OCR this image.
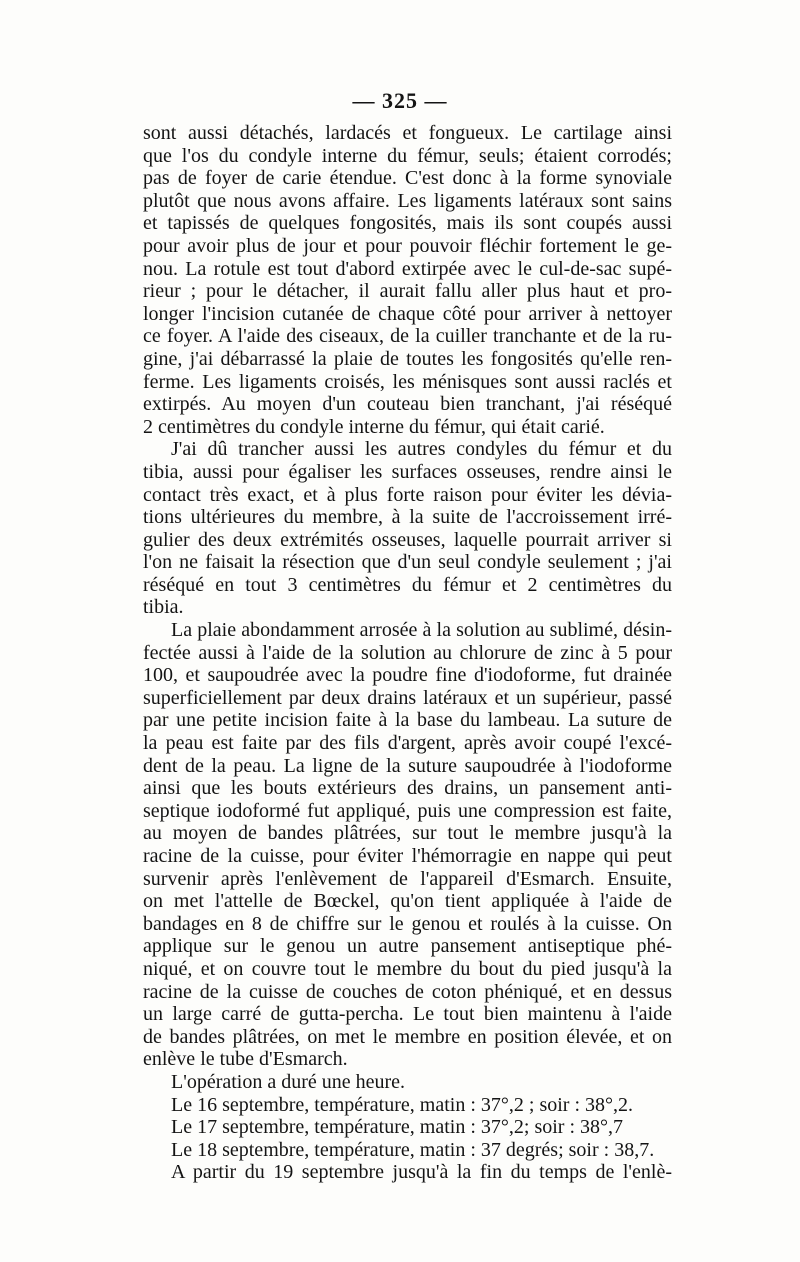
— 325 —
sont aussi détachés, lardacés et fongueux. Le cartilage ainsi
que l'os du condyle interne du fémur, seuls; étaient corrodés;
pas de foyer de carie étendue. C'est donc à la forme synoviale
plutôt que nous avons affaire. Les ligaments latéraux sont sains
et tapissés de quelques fongosités, mais ils sont coupés aussi
pour avoir plus de jour et pour pouvoir fléchir fortement le ge-
nou. La rotule est tout d'abord extirpée avec le cul-de-sac supé-
rieur ; pour le détacher, il aurait fallu aller plus haut et pro-
longer l'incision cutanée de chaque côté pour arriver à nettoyer
ce foyer. A l'aide des ciseaux, de la cuiller tranchante et de la ru-
gine, j'ai débarrassé la plaie de toutes les fongosités qu'elle ren-
ferme. Les ligaments croisés, les ménisques sont aussi raclés et
extirpés. Au moyen d'un couteau bien tranchant, j'ai réséqué
2 centimètres du condyle interne du fémur, qui était carié.
J'ai dû trancher aussi les autres condyles du fémur et du
tibia, aussi pour égaliser les surfaces osseuses, rendre ainsi le
contact très exact, et à plus forte raison pour éviter les dévia-
tions ultérieures du membre, à la suite de l'accroissement irré-
gulier des deux extrémités osseuses, laquelle pourrait arriver si
l'on ne faisait la résection que d'un seul condyle seulement ; j'ai
réséqué en tout 3 centimètres du fémur et 2 centimètres du
tibia.
La plaie abondamment arrosée à la solution au sublimé, désin-
fectée aussi à l'aide de la solution au chlorure de zinc à 5 pour
100, et saupoudrée avec la poudre fine d'iodoforme, fut drainée
superficiellement par deux drains latéraux et un supérieur, passé
par une petite incision faite à la base du lambeau. La suture de
la peau est faite par des fils d'argent, après avoir coupé l'excé-
dent de la peau. La ligne de la suture saupoudrée à l'iodoforme
ainsi que les bouts extérieurs des drains, un pansement anti-
septique iodoformé fut appliqué, puis une compression est faite,
au moyen de bandes plâtrées, sur tout le membre jusqu'à la
racine de la cuisse, pour éviter l'hémorragie en nappe qui peut
survenir après l'enlèvement de l'appareil d'Esmarch. Ensuite,
on met l'attelle de Bœckel, qu'on tient appliquée à l'aide de
bandages en 8 de chiffre sur le genou et roulés à la cuisse. On
applique sur le genou un autre pansement antiseptique phé-
niqué, et on couvre tout le membre du bout du pied jusqu'à la
racine de la cuisse de couches de coton phéniqué, et en dessus
un large carré de gutta-percha. Le tout bien maintenu à l'aide
de bandes plâtrées, on met le membre en position élevée, et on
enlève le tube d'Esmarch.
L'opération a duré une heure.
Le 16 septembre, température, matin : 37°,2 ; soir : 38°,2.
Le 17 septembre, température, matin : 37°,2; soir : 38°,7
Le 18 septembre, température, matin : 37 degrés; soir : 38,7.
A partir du 19 septembre jusqu'à la fin du temps de l'enlè-
